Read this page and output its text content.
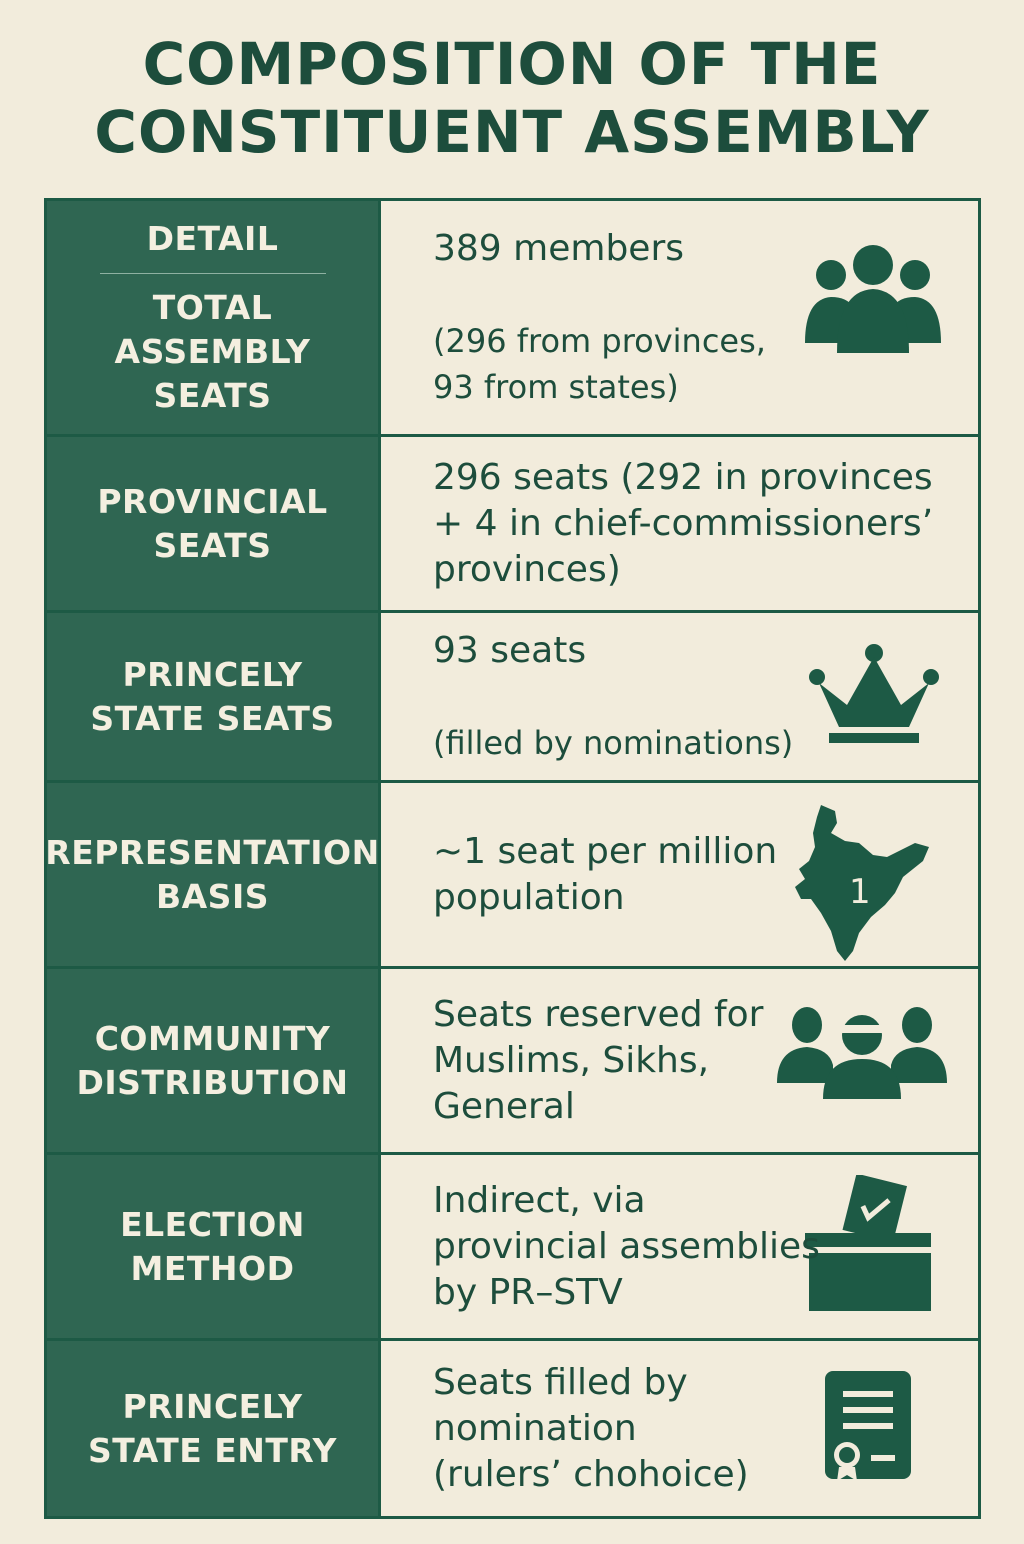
COMPOSITION OF THE
CONSTITUENT ASSEMBLY
DETAIL
TOTAL
ASSEMBLY
SEATS

389 members

(296 from provinces,
93 from states)

PROVINCIAL
SEATS

296 seats (292 in provinces
+ 4 in chief-commissioners’
provinces)

PRINCELY
STATE SEATS

93 seats

(filled by nominations)

REPRESENTATION
BASIS

~1 seat per million
population	1
COMMUNITY
DISTRIBUTION

Seats reserved for
Muslims, Sikhs,
General

ELECTION
METHOD

Indirect, via
provincial assemblies
by PR–STV

PRINCELY
STATE ENTRY

Seats filled by
nomination
(rulers’ chohoice)
